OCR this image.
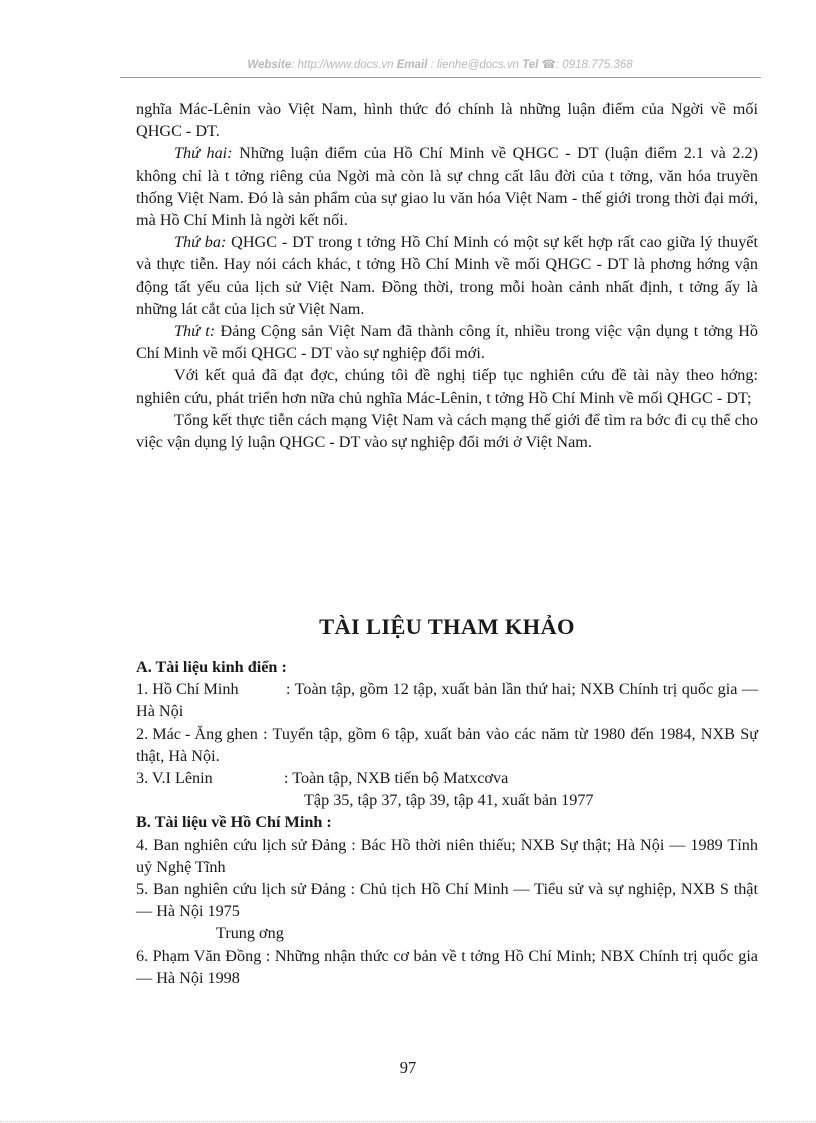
Website: http://www.docs.vn Email : lienhe@docs.vn Tel ☎: 0918.775.368

nghĩa Mác-Lênin vào Việt Nam, hình thức đó chính là những luận điểm của Ngời về mối QHGC - DT.

Thứ hai: Những luận điểm của Hồ Chí Minh về QHGC - DT (luận điểm 2.1 và 2.2) không chỉ là t tởng riêng của Ngời mà còn là sự chng cất lâu đời của t tởng, văn hóa truyền thống Việt Nam. Đó là sản phẩm của sự giao lu văn hóa Việt Nam - thế giới trong thời đại mới, mà Hồ Chí Minh là ngời kết nối.

Thứ ba: QHGC - DT trong t tởng Hồ Chí Minh có một sự kết hợp rất cao giữa lý thuyết và thực tiễn. Hay nói cách khác, t tởng Hồ Chí Minh về mối QHGC - DT là phơng hớng vận động tất yếu của lịch sử Việt Nam. Đồng thời, trong mỗi hoàn cảnh nhất định, t tởng ấy là những lát cắt của lịch sử Việt Nam.

Thứ t: Đảng Cộng sản Việt Nam đã thành công ít, nhiều trong việc vận dụng t tởng Hồ Chí Minh về mối QHGC - DT vào sự nghiệp đổi mới.

Với kết quả đã đạt đợc, chúng tôi đề nghị tiếp tục nghiên cứu đề tài này theo hớng: nghiên cứu, phát triển hơn nữa chủ nghĩa Mác-Lênin, t tởng Hồ Chí Minh về mối QHGC - DT;

Tổng kết thực tiễn cách mạng Việt Nam và cách mạng thế giới để tìm ra bớc đi cụ thể cho việc vận dụng lý luận QHGC - DT vào sự nghiệp đổi mới ở Việt Nam.

TÀI LIỆU THAM KHẢO

A. Tài liệu kinh điển :

1. Hồ Chí Minh	: Toàn tập, gồm 12 tập, xuất bản lần thứ hai; NXB Chính trị quốc gia — Hà Nội

2. Mác - Ăng ghen : Tuyển tập, gồm 6 tập, xuất bản vào các năm từ 1980 đến 1984, NXB Sự thật, Hà Nội.

3. V.I Lênin	: Toàn tập, NXB tiến bộ Matxcơva

Tập 35, tập 37, tập 39, tập 41, xuất bản 1977

B. Tài liệu về Hồ Chí Minh :

4. Ban nghiên cứu lịch sử Đảng : Bác Hồ thời niên thiếu; NXB Sự thật; Hà Nội — 1989 Tỉnh uỷ Nghệ Tĩnh

5. Ban nghiên cứu lịch sử Đảng : Chủ tịch Hồ Chí Minh — Tiểu sử và sự nghiệp, NXB S thật — Hà Nội 1975

Trung ơng

6. Phạm Văn Đồng : Những nhận thức cơ bản về t tởng Hồ Chí Minh; NBX Chính trị quốc gia — Hà Nội 1998

97
